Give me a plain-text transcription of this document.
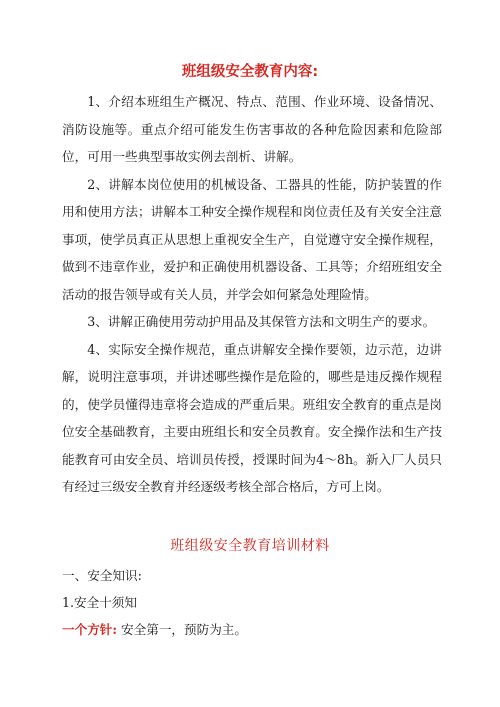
班组级安全教育内容:

1、介绍本班组生产概况、特点、范围、作业环境、设备情况、消防设施等。重点介绍可能发生伤害事故的各种危险因素和危险部位，可用一些典型事故实例去剖析、讲解。

2、讲解本岗位使用的机械设备、工器具的性能，防护装置的作用和使用方法；讲解本工种安全操作规程和岗位责任及有关安全注意事项，使学员真正从思想上重视安全生产，自觉遵守安全操作规程，做到不违章作业，爱护和正确使用机器设备、工具等；介绍班组安全活动的报告领导或有关人员，并学会如何紧急处理险情。

3、讲解正确使用劳动护用品及其保管方法和文明生产的要求。

4、实际安全操作规范，重点讲解安全操作要领，边示范，边讲解，说明注意事项，并讲述哪些操作是危险的，哪些是违反操作规程的，使学员懂得违章将会造成的严重后果。班组安全教育的重点是岗位安全基础教育，主要由班组长和安全员教育。安全操作法和生产技能教育可由安全员、培训员传授，授课时间为4～8h。新入厂人员只有经过三级安全教育并经逐级考核全部合格后，方可上岗。

班组级安全教育培训材料
一、安全知识:
1.安全十须知
一个方针: 安全第一，预防为主。
